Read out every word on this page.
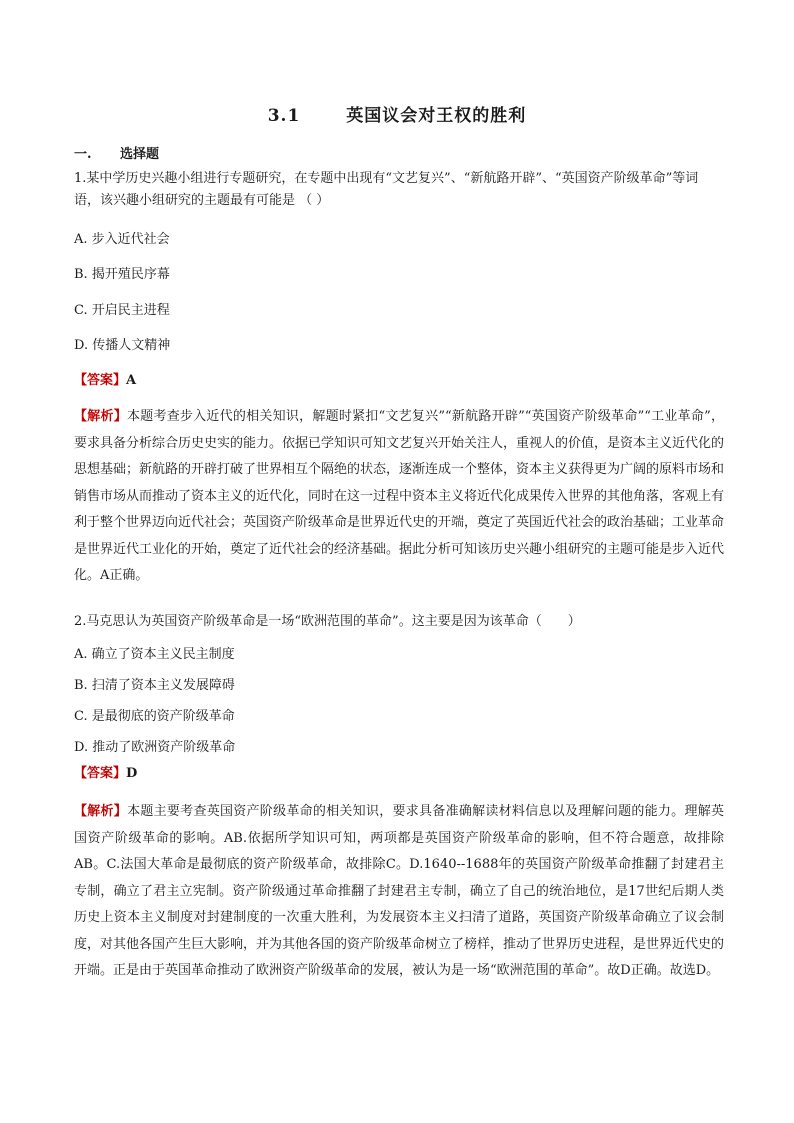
3.1	英国议会对王权的胜利
一. 选择题

1.某中学历史兴趣小组进行专题研究，在专题中出现有“文艺复兴”、“新航路开辟”、“英国资产阶级革命”等词语，该兴趣小组研究的主题最有可能是 （ ）

A. 步入近代社会

B. 揭开殖民序幕

C. 开启民主进程

D. 传播人文精神

【答案】A

【解析】本题考查步入近代的相关知识，解题时紧扣“文艺复兴”“新航路开辟”“英国资产阶级革命”“工业革命”，要求具备分析综合历史史实的能力。依据已学知识可知文艺复兴开始关注人，重视人的价值，是资本主义近代化的思想基础；新航路的开辟打破了世界相互个隔绝的状态，逐渐连成一个整体，资本主义获得更为广阔的原料市场和销售市场从而推动了资本主义的近代化，同时在这一过程中资本主义将近代化成果传入世界的其他角落，客观上有利于整个世界迈向近代社会；英国资产阶级革命是世界近代史的开端，奠定了英国近代社会的政治基础；工业革命是世界近代工业化的开始，奠定了近代社会的经济基础。据此分析可知该历史兴趣小组研究的主题可能是步入近代化。A正确。

2.马克思认为英国资产阶级革命是一场“欧洲范围的革命”。这主要是因为该革命（　　）

A. 确立了资本主义民主制度

B. 扫清了资本主义发展障碍

C. 是最彻底的资产阶级革命

D. 推动了欧洲资产阶级革命

【答案】D

【解析】本题主要考查英国资产阶级革命的相关知识，要求具备准确解读材料信息以及理解问题的能力。理解英国资产阶级革命的影响。AB.依据所学知识可知，两项都是英国资产阶级革命的影响，但不符合题意，故排除AB。C.法国大革命是最彻底的资产阶级革命，故排除C。D.1640--1688年的英国资产阶级革命推翻了封建君主专制，确立了君主立宪制。资产阶级通过革命推翻了封建君主专制，确立了自己的统治地位，是17世纪后期人类历史上资本主义制度对封建制度的一次重大胜利，为发展资本主义扫清了道路，英国资产阶级革命确立了议会制度，对其他各国产生巨大影响，并为其他各国的资产阶级革命树立了榜样，推动了世界历史进程，是世界近代史的开端。正是由于英国革命推动了欧洲资产阶级革命的发展，被认为是一场“欧洲范围的革命”。故D正确。故选D。
